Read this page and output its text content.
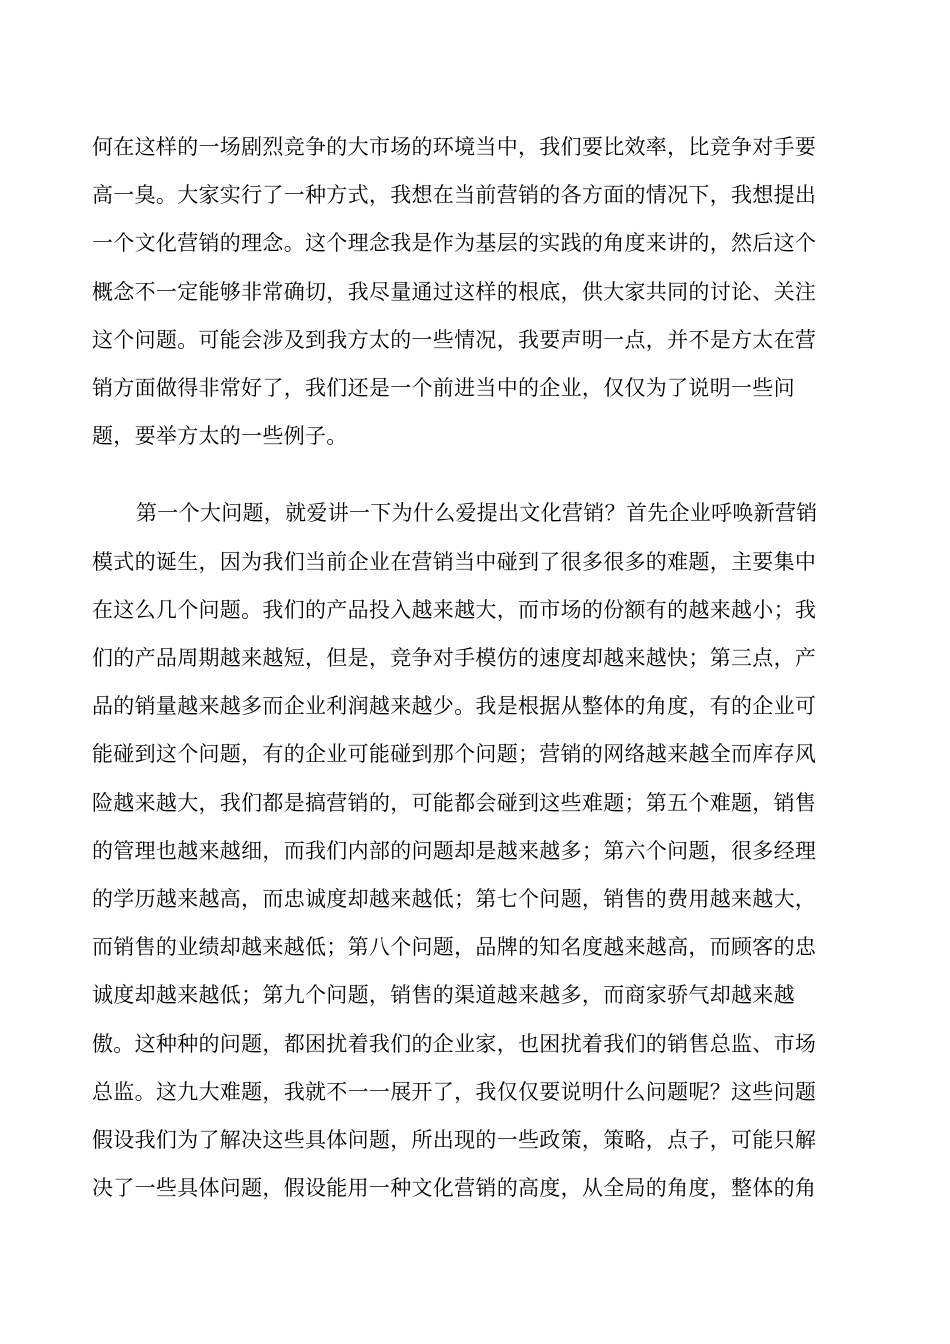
何在这样的一场剧烈竞争的大市场的环境当中，我们要比效率，比竞争对手要
高一臭。大家实行了一种方式，我想在当前营销的各方面的情况下，我想提出
一个文化营销的理念。这个理念我是作为基层的实践的角度来讲的，然后这个
概念不一定能够非常确切，我尽量通过这样的根底，供大家共同的讨论、关注
这个问题。可能会涉及到我方太的一些情况，我要声明一点，并不是方太在营
销方面做得非常好了，我们还是一个前进当中的企业，仅仅为了说明一些问
题，要举方太的一些例子。

第一个大问题，就爱讲一下为什么爱提出文化营销？首先企业呼唤新营销
模式的诞生，因为我们当前企业在营销当中碰到了很多很多的难题，主要集中
在这么几个问题。我们的产品投入越来越大，而市场的份额有的越来越小；我
们的产品周期越来越短，但是，竞争对手模仿的速度却越来越快；第三点，产
品的销量越来越多而企业利润越来越少。我是根据从整体的角度，有的企业可
能碰到这个问题，有的企业可能碰到那个问题；营销的网络越来越全而库存风
险越来越大，我们都是搞营销的，可能都会碰到这些难题；第五个难题，销售
的管理也越来越细，而我们内部的问题却是越来越多；第六个问题，很多经理
的学历越来越高，而忠诚度却越来越低；第七个问题，销售的费用越来越大，
而销售的业绩却越来越低；第八个问题，品牌的知名度越来越高，而顾客的忠
诚度却越来越低；第九个问题，销售的渠道越来越多，而商家骄气却越来越
傲。这种种的问题，都困扰着我们的企业家，也困扰着我们的销售总监、市场
总监。这九大难题，我就不一一展开了，我仅仅要说明什么问题呢？这些问题
假设我们为了解决这些具体问题，所出现的一些政策，策略，点子，可能只解
决了一些具体问题，假设能用一种文化营销的高度，从全局的角度，整体的角
